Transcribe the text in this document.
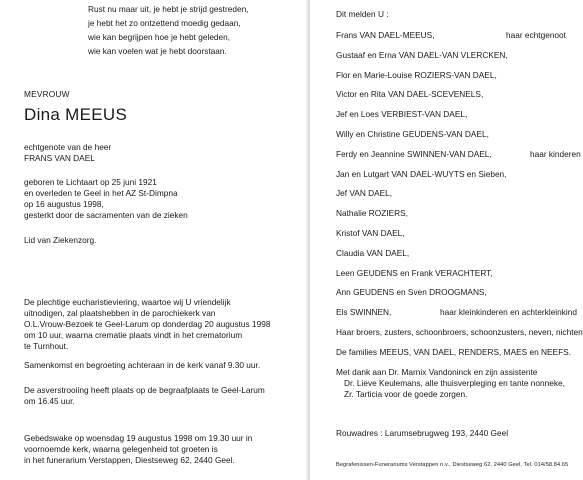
Rust nu maar uit, je hebt je strijd gestreden,
je hebt het zo ontzettend moedig gedaan,
wie kan begrijpen hoe je hebt geleden,
wie kan voelen wat je hebt doorstaan.
MEVROUW
Dina MEEUS
echtgenote van de heer
FRANS VAN DAEL
geboren te Lichtaart op 25 juni 1921
en overleden te Geel in het AZ St-Dimpna
op 16 augustus 1998,
gesterkt door de sacramenten van de zieken
Lid van Ziekenzorg.
De plechtige eucharistieviering, waartoe wij U vriendelijk
uitnodigen, zal plaatshebben in de parochiekerk van
O.L.Vrouw-Bezoek te Geel-Larum op donderdag 20 augustus 1998
om 10 uur, waarna crematie plaats vindt in het crematorium
te Turnhout.
Samenkomst en begroeting achteraan in de kerk vanaf 9.30 uur.
De asverstrooiing heeft plaats op de begraafplaats te Geel-Larum
om 16.45 uur.
Gebedswake op woensdag 19 augustus 1998 om 19.30 uur in
voornoemde kerk, waarna gelegenheid tot groeten is
in het funerarium Verstappen, Diestseweg 62, 2440 Geel.
Dit melden U :
Frans VAN DAEL-MEEUS,	haar echtgenoot
Gustaaf en Erna VAN DAEL-VAN VLERCKEN,
Flor en Marie-Louise ROZIERS-VAN DAEL,
Victor en Rita VAN DAEL-SCEVENELS,
Jef en Loes VERBIEST-VAN DAEL,
Willy en Christine GEUDENS-VAN DAEL,
Ferdy en Jeannine SWINNEN-VAN DAEL,	haar kinderen
Jan en Lutgart VAN DAEL-WUYTS en Sieben,
Jef VAN DAEL,
Nathalie ROZIERS,
Kristof VAN DAEL,
Claudia VAN DAEL,
Leen GEUDENS en Frank VERACHTERT,
Ann GEUDENS en Sven DROOGMANS,
Els SWINNEN,	haar kleinkinderen en achterkleinkind
Haar broers, zusters, schoonbroers, schoonzusters, neven, nichten
De families MEEUS, VAN DAEL, RENDERS, MAES en NEEFS.
Met dank aan Dr. Marnix Vandoninck en zijn assistente
Dr. Lieve Keulemans, alle thuisverpleging en tante nonneke,
Zr. Tarticia voor de goede zorgen.
Rouwadres : Larumsebrugweg 193, 2440 Geel
Begrafenissen-Funerariums Verstappen n.v., Diestseweg 62, 2440 Geel, Tel. 014/58.84.65
